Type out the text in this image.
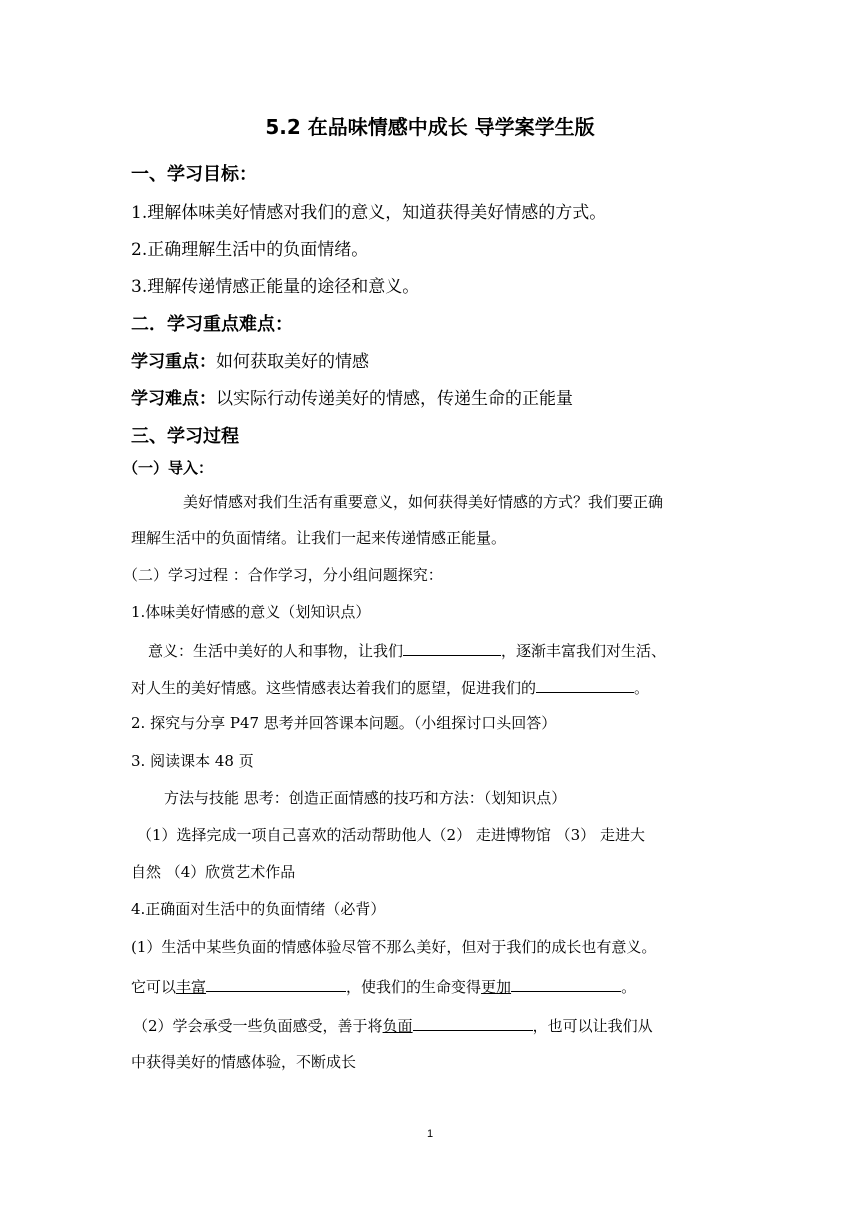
5.2 在品味情感中成长 导学案学生版
一、学习目标：
1.理解体味美好情感对我们的意义，知道获得美好情感的方式。
2.正确理解生活中的负面情绪。
3.理解传递情感正能量的途径和意义。
二．学习重点难点：
学习重点：如何获取美好的情感
学习难点：以实际行动传递美好的情感，传递生命的正能量
三、学习过程
（一）导入：
美好情感对我们生活有重要意义，如何获得美好情感的方式？我们要正确
理解生活中的负面情绪。让我们一起来传递情感正能量。
（二）学习过程 ：合作学习，分小组问题探究：
1.体味美好情感的意义（划知识点）
意义：生活中美好的人和事物，让我们	，逐渐丰富我们对生活、
对人生的美好情感。这些情感表达着我们的愿望，促进我们的	。
2. 探究与分享 P47 思考并回答课本问题。（小组探讨口头回答）
3. 阅读课本 48 页
方法与技能 思考：创造正面情感的技巧和方法：（划知识点）
（1）选择完成一项自己喜欢的活动帮助他人（2） 走进博物馆 （3） 走进大
自然 （4）欣赏艺术作品
4.正确面对生活中的负面情绪（必背）
(1）生活中某些负面的情感体验尽管不那么美好，但对于我们的成长也有意义。
它可以丰富	，使我们的生命变得更加	。
（2）学会承受一些负面感受，善于将负面	，也可以让我们从
中获得美好的情感体验，不断成长
1
